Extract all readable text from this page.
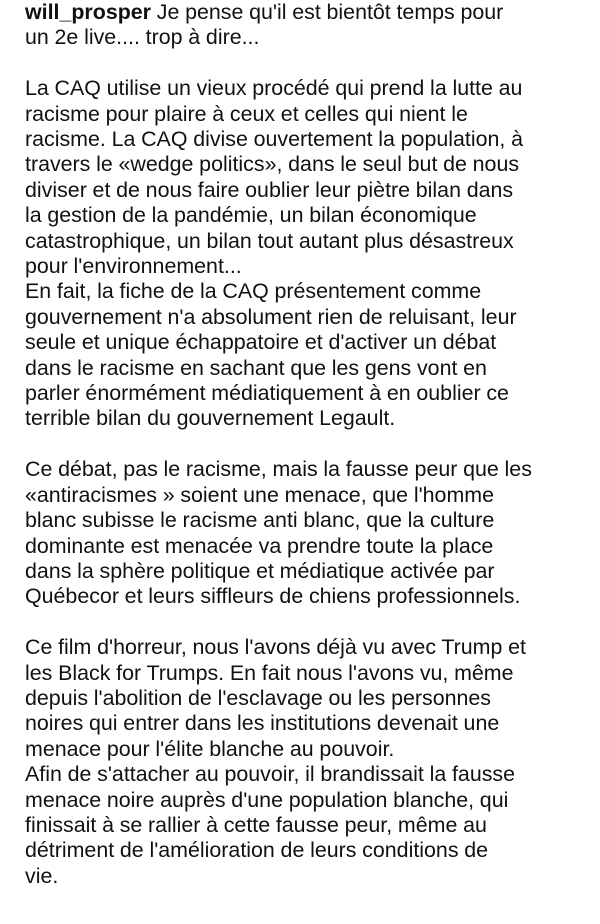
will_prosper Je pense qu'il est bientôt temps pour
un 2e live.... trop à dire...
La CAQ utilise un vieux procédé qui prend la lutte au
racisme pour plaire à ceux et celles qui nient le
racisme. La CAQ divise ouvertement la population, à
travers le «wedge politics», dans le seul but de nous
diviser et de nous faire oublier leur piètre bilan dans
la gestion de la pandémie, un bilan économique
catastrophique, un bilan tout autant plus désastreux
pour l'environnement...
En fait, la fiche de la CAQ présentement comme
gouvernement n'a absolument rien de reluisant, leur
seule et unique échappatoire et d'activer un débat
dans le racisme en sachant que les gens vont en
parler énormément médiatiquement à en oublier ce
terrible bilan du gouvernement Legault.
Ce débat, pas le racisme, mais la fausse peur que les
«antiracismes » soient une menace, que l'homme
blanc subisse le racisme anti blanc, que la culture
dominante est menacée va prendre toute la place
dans la sphère politique et médiatique activée par
Québecor et leurs siffleurs de chiens professionnels.
Ce film d'horreur, nous l'avons déjà vu avec Trump et
les Black for Trumps. En fait nous l'avons vu, même
depuis l'abolition de l'esclavage ou les personnes
noires qui entrer dans les institutions devenait une
menace pour l'élite blanche au pouvoir.
Afin de s'attacher au pouvoir, il brandissait la fausse
menace noire auprès d'une population blanche, qui
finissait à se rallier à cette fausse peur, même au
détriment de l'amélioration de leurs conditions de
vie.
